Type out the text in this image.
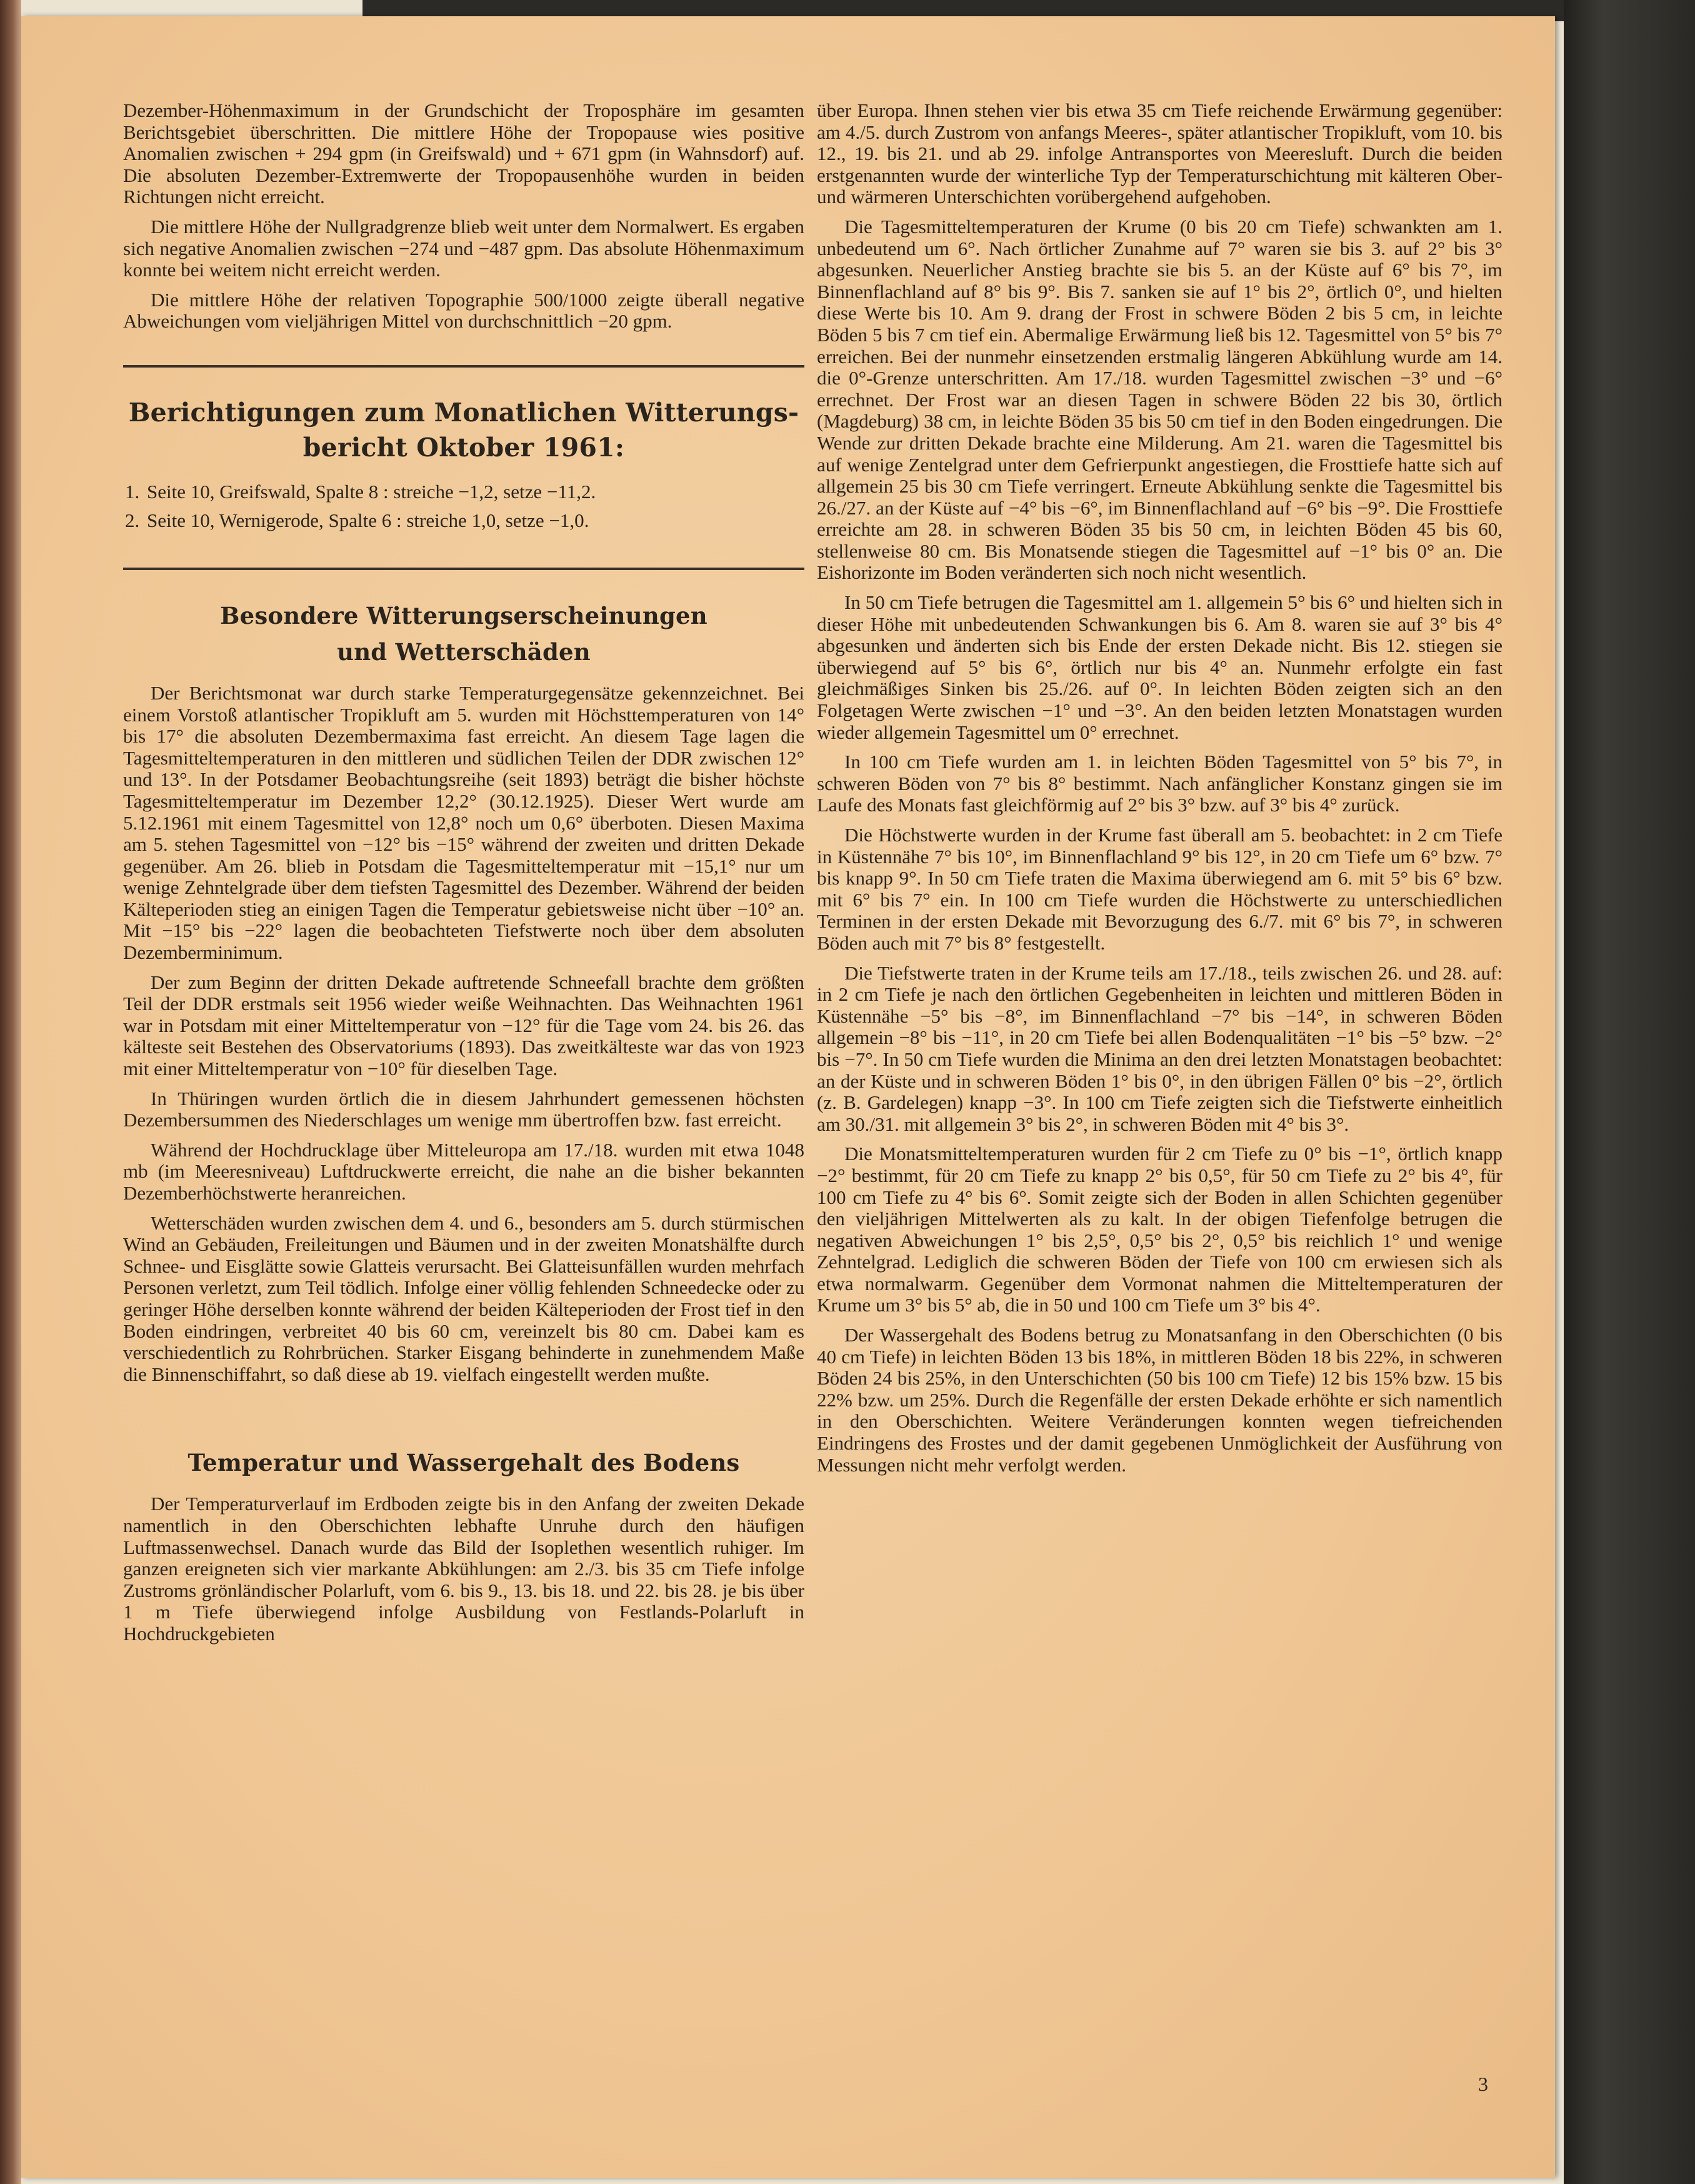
Dezember-Höhenmaximum in der Grundschicht der Troposphäre im gesamten Berichtsgebiet überschritten. Die mittlere Höhe der Tropopause wies positive Anomalien zwischen + 294 gpm (in Greifswald) und + 671 gpm (in Wahnsdorf) auf. Die absoluten Dezember-Extremwerte der Tropopausenhöhe wurden in beiden Richtungen nicht erreicht.

Die mittlere Höhe der Nullgradgrenze blieb weit unter dem Normalwert. Es ergaben sich negative Anomalien zwischen −274 und −487 gpm. Das absolute Höhenmaximum konnte bei weitem nicht erreicht werden.

Die mittlere Höhe der relativen Topographie 500/1000 zeigte überall negative Abweichungen vom vieljährigen Mittel von durchschnittlich −20 gpm.

Berichtigungen zum Monatlichen Witterungs-
bericht Oktober 1961:
1. Seite 10, Greifswald, Spalte 8 : streiche −1,2, setze −11,2.
2. Seite 10, Wernigerode, Spalte 6 : streiche 1,0, setze −1,0.
Besondere Witterungserscheinungen
und Wetterschäden

Der Berichtsmonat war durch starke Temperaturgegensätze gekennzeichnet. Bei einem Vorstoß atlantischer Tropikluft am 5. wurden mit Höchsttemperaturen von 14° bis 17° die absoluten Dezembermaxima fast erreicht. An diesem Tage lagen die Tagesmitteltemperaturen in den mittleren und südlichen Teilen der DDR zwischen 12° und 13°. In der Potsdamer Beobachtungsreihe (seit 1893) beträgt die bisher höchste Tagesmitteltemperatur im Dezember 12,2° (30.12.1925). Dieser Wert wurde am 5.12.1961 mit einem Tagesmittel von 12,8° noch um 0,6° überboten. Diesen Maxima am 5. stehen Tagesmittel von −12° bis −15° während der zweiten und dritten Dekade gegenüber. Am 26. blieb in Potsdam die Tagesmitteltemperatur mit −15,1° nur um wenige Zehntelgrade über dem tiefsten Tagesmittel des Dezember. Während der beiden Kälteperioden stieg an einigen Tagen die Temperatur gebietsweise nicht über −10° an. Mit −15° bis −22° lagen die beobachteten Tiefstwerte noch über dem absoluten Dezemberminimum.

Der zum Beginn der dritten Dekade auftretende Schneefall brachte dem größten Teil der DDR erstmals seit 1956 wieder weiße Weihnachten. Das Weihnachten 1961 war in Potsdam mit einer Mitteltemperatur von −12° für die Tage vom 24. bis 26. das kälteste seit Bestehen des Observatoriums (1893). Das zweitkälteste war das von 1923 mit einer Mitteltemperatur von −10° für dieselben Tage.

In Thüringen wurden örtlich die in diesem Jahrhundert gemessenen höchsten Dezembersummen des Niederschlages um wenige mm übertroffen bzw. fast erreicht.

Während der Hochdrucklage über Mitteleuropa am 17./18. wurden mit etwa 1048 mb (im Meeresniveau) Luftdruckwerte erreicht, die nahe an die bisher bekannten Dezemberhöchstwerte heranreichen.

Wetterschäden wurden zwischen dem 4. und 6., besonders am 5. durch stürmischen Wind an Gebäuden, Freileitungen und Bäumen und in der zweiten Monatshälfte durch Schnee- und Eisglätte sowie Glatteis verursacht. Bei Glatteisunfällen wurden mehrfach Personen verletzt, zum Teil tödlich. Infolge einer völlig fehlenden Schneedecke oder zu geringer Höhe derselben konnte während der beiden Kälteperioden der Frost tief in den Boden eindringen, verbreitet 40 bis 60 cm, vereinzelt bis 80 cm. Dabei kam es verschiedentlich zu Rohrbrüchen. Starker Eisgang behinderte in zunehmendem Maße die Binnenschiffahrt, so daß diese ab 19. vielfach eingestellt werden mußte.

Temperatur und Wassergehalt des Bodens

Der Temperaturverlauf im Erdboden zeigte bis in den Anfang der zweiten Dekade namentlich in den Oberschichten lebhafte Unruhe durch den häufigen Luftmassenwechsel. Danach wurde das Bild der Isoplethen wesentlich ruhiger. Im ganzen ereigneten sich vier markante Abkühlungen: am 2./3. bis 35 cm Tiefe infolge Zustroms grönländischer Polarluft, vom 6. bis 9., 13. bis 18. und 22. bis 28. je bis über 1 m Tiefe überwiegend infolge Ausbildung von Festlands-Polarluft in Hochdruckgebieten

über Europa. Ihnen stehen vier bis etwa 35 cm Tiefe reichende Erwärmung gegenüber: am 4./5. durch Zustrom von anfangs Meeres-, später atlantischer Tropikluft, vom 10. bis 12., 19. bis 21. und ab 29. infolge Antransportes von Meeresluft. Durch die beiden erstgenannten wurde der winterliche Typ der Temperaturschichtung mit kälteren Ober- und wärmeren Unterschichten vorübergehend aufgehoben.

Die Tagesmitteltemperaturen der Krume (0 bis 20 cm Tiefe) schwankten am 1. unbedeutend um 6°. Nach örtlicher Zunahme auf 7° waren sie bis 3. auf 2° bis 3° abgesunken. Neuerlicher Anstieg brachte sie bis 5. an der Küste auf 6° bis 7°, im Binnenflachland auf 8° bis 9°. Bis 7. sanken sie auf 1° bis 2°, örtlich 0°, und hielten diese Werte bis 10. Am 9. drang der Frost in schwere Böden 2 bis 5 cm, in leichte Böden 5 bis 7 cm tief ein. Abermalige Erwärmung ließ bis 12. Tagesmittel von 5° bis 7° erreichen. Bei der nunmehr einsetzenden erstmalig längeren Abkühlung wurde am 14. die 0°-Grenze unterschritten. Am 17./18. wurden Tagesmittel zwischen −3° und −6° errechnet. Der Frost war an diesen Tagen in schwere Böden 22 bis 30, örtlich (Magdeburg) 38 cm, in leichte Böden 35 bis 50 cm tief in den Boden eingedrungen. Die Wende zur dritten Dekade brachte eine Milderung. Am 21. waren die Tagesmittel bis auf wenige Zentelgrad unter dem Gefrierpunkt angestiegen, die Frosttiefe hatte sich auf allgemein 25 bis 30 cm Tiefe verringert. Erneute Abkühlung senkte die Tagesmittel bis 26./27. an der Küste auf −4° bis −6°, im Binnenflachland auf −6° bis −9°. Die Frosttiefe erreichte am 28. in schweren Böden 35 bis 50 cm, in leichten Böden 45 bis 60, stellenweise 80 cm. Bis Monatsende stiegen die Tagesmittel auf −1° bis 0° an. Die Eishorizonte im Boden veränderten sich noch nicht wesentlich.

In 50 cm Tiefe betrugen die Tagesmittel am 1. allgemein 5° bis 6° und hielten sich in dieser Höhe mit unbedeutenden Schwankungen bis 6. Am 8. waren sie auf 3° bis 4° abgesunken und änderten sich bis Ende der ersten Dekade nicht. Bis 12. stiegen sie überwiegend auf 5° bis 6°, örtlich nur bis 4° an. Nunmehr erfolgte ein fast gleichmäßiges Sinken bis 25./26. auf 0°. In leichten Böden zeigten sich an den Folgetagen Werte zwischen −1° und −3°. An den beiden letzten Monatstagen wurden wieder allgemein Tagesmittel um 0° errechnet.

In 100 cm Tiefe wurden am 1. in leichten Böden Tagesmittel von 5° bis 7°, in schweren Böden von 7° bis 8° bestimmt. Nach anfänglicher Konstanz gingen sie im Laufe des Monats fast gleichförmig auf 2° bis 3° bzw. auf 3° bis 4° zurück.

Die Höchstwerte wurden in der Krume fast überall am 5. beobachtet: in 2 cm Tiefe in Küstennähe 7° bis 10°, im Binnenflachland 9° bis 12°, in 20 cm Tiefe um 6° bzw. 7° bis knapp 9°. In 50 cm Tiefe traten die Maxima überwiegend am 6. mit 5° bis 6° bzw. mit 6° bis 7° ein. In 100 cm Tiefe wurden die Höchstwerte zu unterschiedlichen Terminen in der ersten Dekade mit Bevorzugung des 6./7. mit 6° bis 7°, in schweren Böden auch mit 7° bis 8° festgestellt.

Die Tiefstwerte traten in der Krume teils am 17./18., teils zwischen 26. und 28. auf: in 2 cm Tiefe je nach den örtlichen Gegebenheiten in leichten und mittleren Böden in Küstennähe −5° bis −8°, im Binnenflachland −7° bis −14°, in schweren Böden allgemein −8° bis −11°, in 20 cm Tiefe bei allen Bodenqualitäten −1° bis −5° bzw. −2° bis −7°. In 50 cm Tiefe wurden die Minima an den drei letzten Monatstagen beobachtet: an der Küste und in schweren Böden 1° bis 0°, in den übrigen Fällen 0° bis −2°, örtlich (z. B. Gardelegen) knapp −3°. In 100 cm Tiefe zeigten sich die Tiefstwerte einheitlich am 30./31. mit allgemein 3° bis 2°, in schweren Böden mit 4° bis 3°.

Die Monatsmitteltemperaturen wurden für 2 cm Tiefe zu 0° bis −1°, örtlich knapp −2° bestimmt, für 20 cm Tiefe zu knapp 2° bis 0,5°, für 50 cm Tiefe zu 2° bis 4°, für 100 cm Tiefe zu 4° bis 6°. Somit zeigte sich der Boden in allen Schichten gegenüber den vieljährigen Mittelwerten als zu kalt. In der obigen Tiefenfolge betrugen die negativen Abweichungen 1° bis 2,5°, 0,5° bis 2°, 0,5° bis reichlich 1° und wenige Zehntelgrad. Lediglich die schweren Böden der Tiefe von 100 cm erwiesen sich als etwa normalwarm. Gegenüber dem Vormonat nahmen die Mitteltemperaturen der Krume um 3° bis 5° ab, die in 50 und 100 cm Tiefe um 3° bis 4°.

Der Wassergehalt des Bodens betrug zu Monatsanfang in den Oberschichten (0 bis 40 cm Tiefe) in leichten Böden 13 bis 18%, in mittleren Böden 18 bis 22%, in schweren Böden 24 bis 25%, in den Unterschichten (50 bis 100 cm Tiefe) 12 bis 15% bzw. 15 bis 22% bzw. um 25%. Durch die Regenfälle der ersten Dekade erhöhte er sich namentlich in den Oberschichten. Weitere Veränderungen konnten wegen tiefreichenden Eindringens des Frostes und der damit gegebenen Unmöglichkeit der Ausführung von Messungen nicht mehr verfolgt werden.

3
